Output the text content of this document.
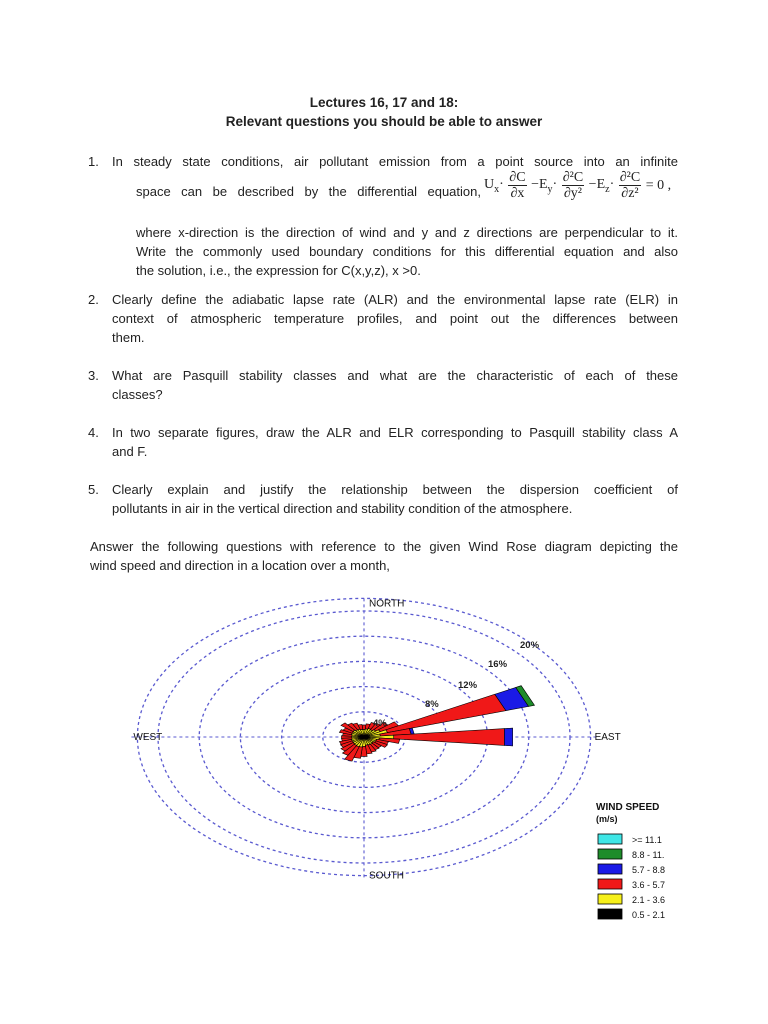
Lectures 16, 17 and 18:
Relevant questions you should be able to answer
1. In steady state conditions, air pollutant emission from a point source into an infinite
space can be described by the differential equation, $U_x\cdot \frac{\partial C}{\partial x} -E_y\cdot \frac{\text{∂²C}}{\text{∂y²}} -E_z\cdot \frac{\text{∂²C}}{\text{∂z²}} = 0$ ,
where x-direction is the direction of wind and y and z directions are perpendicular to it.
Write the commonly used boundary conditions for this differential equation and also
the solution, i.e., the expression for C(x,y,z), x >0.
2. Clearly define the adiabatic lapse rate (ALR) and the environmental lapse rate (ELR) in
context of atmospheric temperature profiles, and point out the differences between
them.
3. What are Pasquill stability classes and what are the characteristic of each of these
classes?
4. In two separate figures, draw the ALR and ELR corresponding to Pasquill stability class A
and F.
5. Clearly explain and justify the relationship between the dispersion coefficient of
pollutants in air in the vertical direction and stability condition of the atmosphere.
Answer the following questions with reference to the given Wind Rose diagram depicting the
wind speed and direction in a location over a month,
4%
8%
12%
16%
20%
NORTH
SOUTH
WEST	EAST
WIND SPEED
(m/s)
>= 11.1
8.8 - 11.
5.7 - 8.8
3.6 - 5.7
2.1 - 3.6
0.5 - 2.1
